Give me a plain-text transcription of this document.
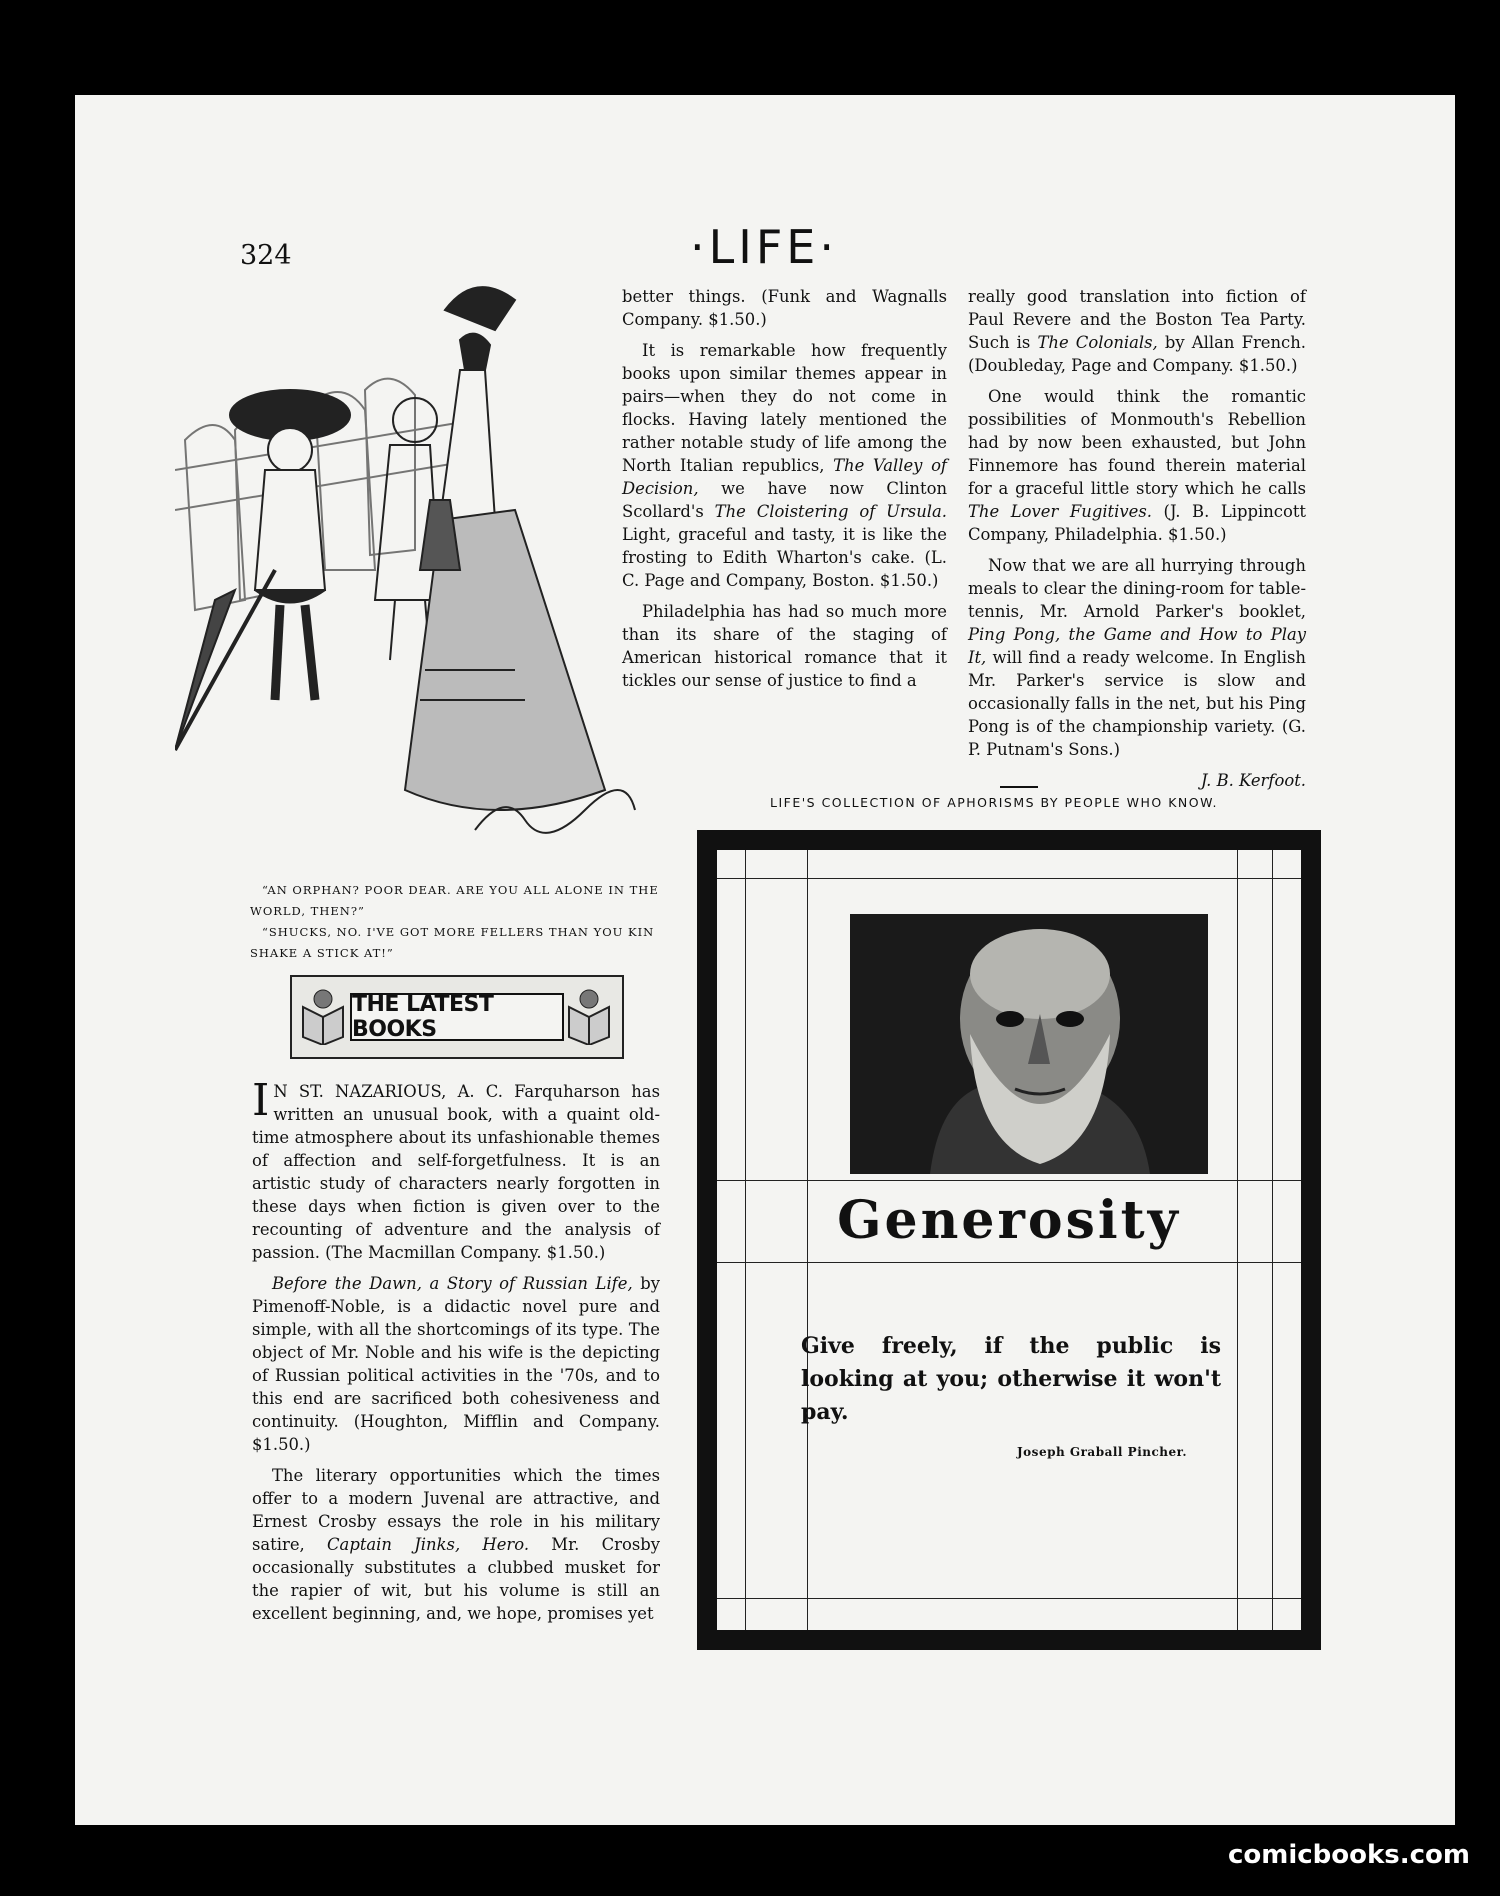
324	·LIFE·

“AN ORPHAN? POOR DEAR. ARE YOU ALL ALONE IN THE WORLD, THEN?”

“SHUCKS, NO. I'VE GOT MORE FELLERS THAN YOU KIN SHAKE A STICK AT!”

THE LATEST BOOKS

I N ST. NAZARIOUS, A. C. Farquharson has written an unusual book, with a quaint old-time atmosphere about its unfashionable themes of affection and self-forgetfulness. It is an artistic study of characters nearly forgotten in these days when fiction is given over to the recounting of adventure and the analysis of passion. (The Macmillan Company. $1.50.)

Before the Dawn, a Story of Russian Life, by Pimenoff-Noble, is a didactic novel pure and simple, with all the shortcomings of its type. The object of Mr. Noble and his wife is the depicting of Russian political activities in the '70s, and to this end are sacrificed both cohesiveness and continuity. (Houghton, Mifflin and Company. $1.50.)

The literary opportunities which the times offer to a modern Juvenal are attractive, and Ernest Crosby essays the role in his military satire, Captain Jinks, Hero. Mr. Crosby occasionally substitutes a clubbed musket for the rapier of wit, but his volume is still an excellent beginning, and, we hope, promises yet

better things. (Funk and Wagnalls Company. $1.50.)

It is remarkable how frequently books upon similar themes appear in pairs—when they do not come in flocks. Having lately mentioned the rather notable study of life among the North Italian republics, The Valley of Decision, we have now Clinton Scollard's The Cloistering of Ursula. Light, graceful and tasty, it is like the frosting to Edith Wharton's cake. (L. C. Page and Company, Boston. $1.50.)

Philadelphia has had so much more than its share of the staging of American historical romance that it tickles our sense of justice to find a

really good translation into fiction of Paul Revere and the Boston Tea Party. Such is The Colonials, by Allan French. (Doubleday, Page and Company. $1.50.)

One would think the romantic possibilities of Monmouth's Rebellion had by now been exhausted, but John Finnemore has found therein material for a graceful little story which he calls The Lover Fugitives. (J. B. Lippincott Company, Philadelphia. $1.50.)

Now that we are all hurrying through meals to clear the dining-room for table-tennis, Mr. Arnold Parker's booklet, Ping Pong, the Game and How to Play It, will find a ready welcome. In English Mr. Parker's service is slow and occasionally falls in the net, but his Ping Pong is of the championship variety. (G. P. Putnam's Sons.)

J. B. Kerfoot.
LIFE'S COLLECTION OF APHORISMS BY PEOPLE WHO KNOW.
Generosity
Give freely, if the public is looking at you; otherwise it won't pay.
Joseph Graball Pincher.
comicbooks.com
